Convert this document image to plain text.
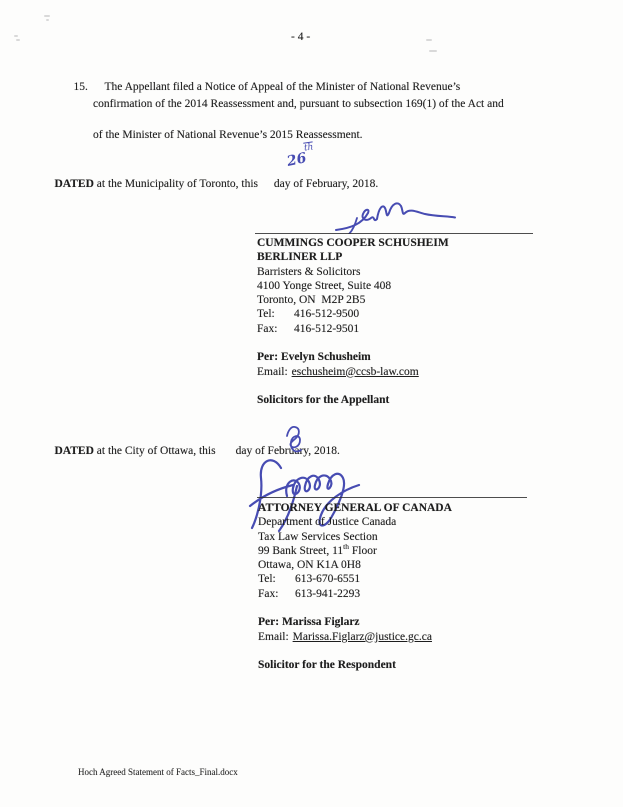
- 4 -

15. The Appellant filed a Notice of Appeal of the Minister of National Revenue’s

confirmation of the 2014 Reassessment and, pursuant to subsection 169(1) of the Act and
of the Minister of National Revenue’s 2015 Reassessment.

DATED at the Municipality of Toronto, this day of February, 2018.

26
$\overline{th}$
CUMMINGS COOPER SCHUSHEIM
BERLINER LLP
Barristers & Solicitors
4100 Yonge Street, Suite 408
Toronto, ON  M2P 2B5
Tel: 416-512-9500
Fax: 416-512-9501
Per: Evelyn Schusheim
Email: eschusheim@ccsb-law.com
Solicitors for the Appellant

DATED at the City of Ottawa, this day of February, 2018.

ATTORNEY GENERAL OF CANADA
Department of Justice Canada
Tax Law Services Section
99 Bank Street, 11th Floor
Ottawa, ON K1A 0H8
Tel: 613-670-6551
Fax: 613-941-2293
Per: Marissa Figlarz
Email: Marissa.Figlarz@justice.gc.ca
Solicitor for the Respondent
Hoch Agreed Statement of Facts_Final.docx
